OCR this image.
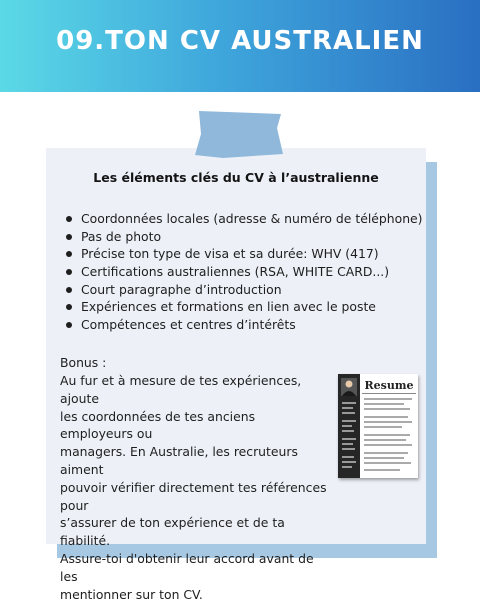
09.TON CV AUSTRALIEN
Les éléments clés du CV à l’australienne
Coordonnées locales (adresse & numéro de téléphone)
Pas de photo
Précise ton type de visa et sa durée: WHV (417)
Certifications australiennes (RSA, WHITE CARD...)
Court paragraphe d’introduction
Expériences et formations en lien avec le poste
Compétences et centres d’intérêts
Bonus :
Au fur et à mesure de tes expériences, ajoute
les coordonnées de tes anciens employeurs ou
managers. En Australie, les recruteurs aiment
pouvoir vérifier directement tes références pour
s’assurer de ton expérience et de ta fiabilité.
Assure-toi d'obtenir leur accord avant de les
mentionner sur ton CV.
Resume
